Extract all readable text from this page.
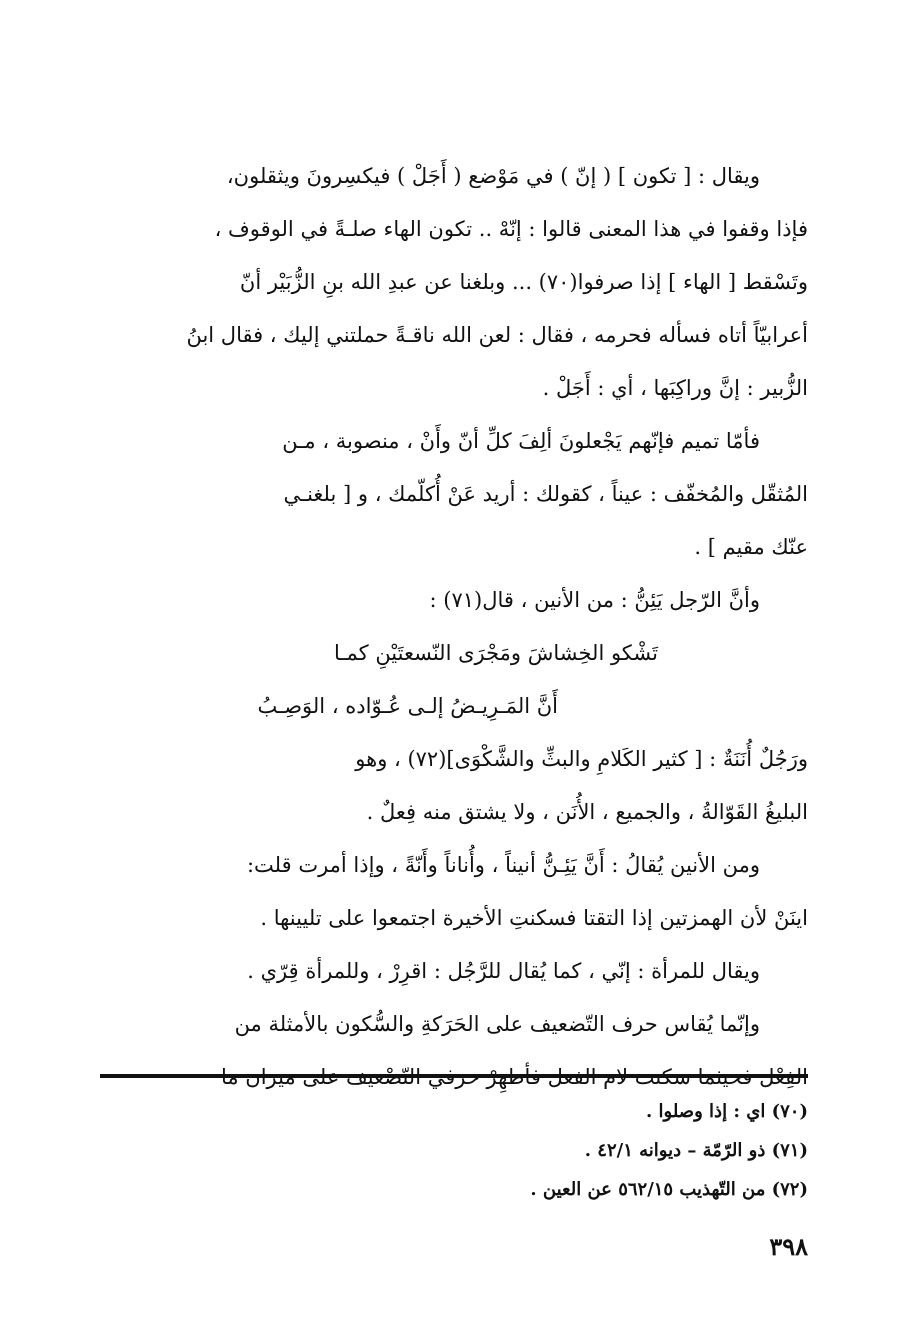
ويقال : [ تكون ] ( إنّ ) في مَوْضع ( أَجَلْ ) فيكسِرونَ ويثقلون،

فإذا وقفوا في هذا المعنى قالوا : إنّهْ .. تكون الهاء صلـةً في الوقوف ،

وتَسْقط [ الهاء ] إذا صرفوا(٧٠) ... وبلغنا عن عبدِ الله بنِ الزُّبَيْر أنّ

أعرابيّاً أتاه فسأله فحرمه ، فقال : لعن الله ناقـةً حملتني إليك ، فقال ابنُ

الزُّبير : إنَّ وراكِبَها ، أي : أَجَلْ .

فأمّا تميم فإنّهم يَجْعلونَ ألِفَ كلِّ أنّ وأَنْ ، منصوبة ، مـن

المُثقّل والمُخفّف : عيناً ، كقولك : أريد عَنْ أُكلّمك ، و [ بلغنـي

عنّك مقيم ] .

وأنَّ الرّجل يَئِنُّ : من الأنين ، قال(٧١) :

تَشْكو الخِشاشَ ومَجْرَى النّسعتَيْنِ كمـا
أَنَّ المَـرِيـضُ إلـى عُـوّاده ، الوَصِـبُ

ورَجُلٌ أُنَنَةٌ : [ كثير الكَلامِ والبثِّ والشَّكْوَى](٧٢) ، وهو

البليغُ القَوّالةُ ، والجميع ، الأُنَن ، ولا يشتق منه فِعلٌ .

ومن الأنين يُقالُ : أَنَّ يَئِـنُّ أنيناً ، وأُناناً وأَنّةً ، وإذا أمرت قلت:

اينَنْ لأن الهمزتين إذا التقتا فسكنتِ الأخيرة اجتمعوا على تليينها .

ويقال للمرأة : إنّي ، كما يُقال للرَّجُل : اقرِرْ ، وللمرأة قِرّي .

وإنّما يُقاس حرف التّضعيف على الحَرَكةِ والسُّكون بالأمثلة من

الفِعْل فحيثما سكنت لام الفعل فأظهِرْ حرفي التّضْعيف على ميزان ما

(٧٠) اي : إذا وصلوا .
(٧١) ذو الرّمّة – ديوانه ٤٢/١ .
(٧٢) من التّهذيب ٥٦٢/١٥ عن العين .
٣٩٨
